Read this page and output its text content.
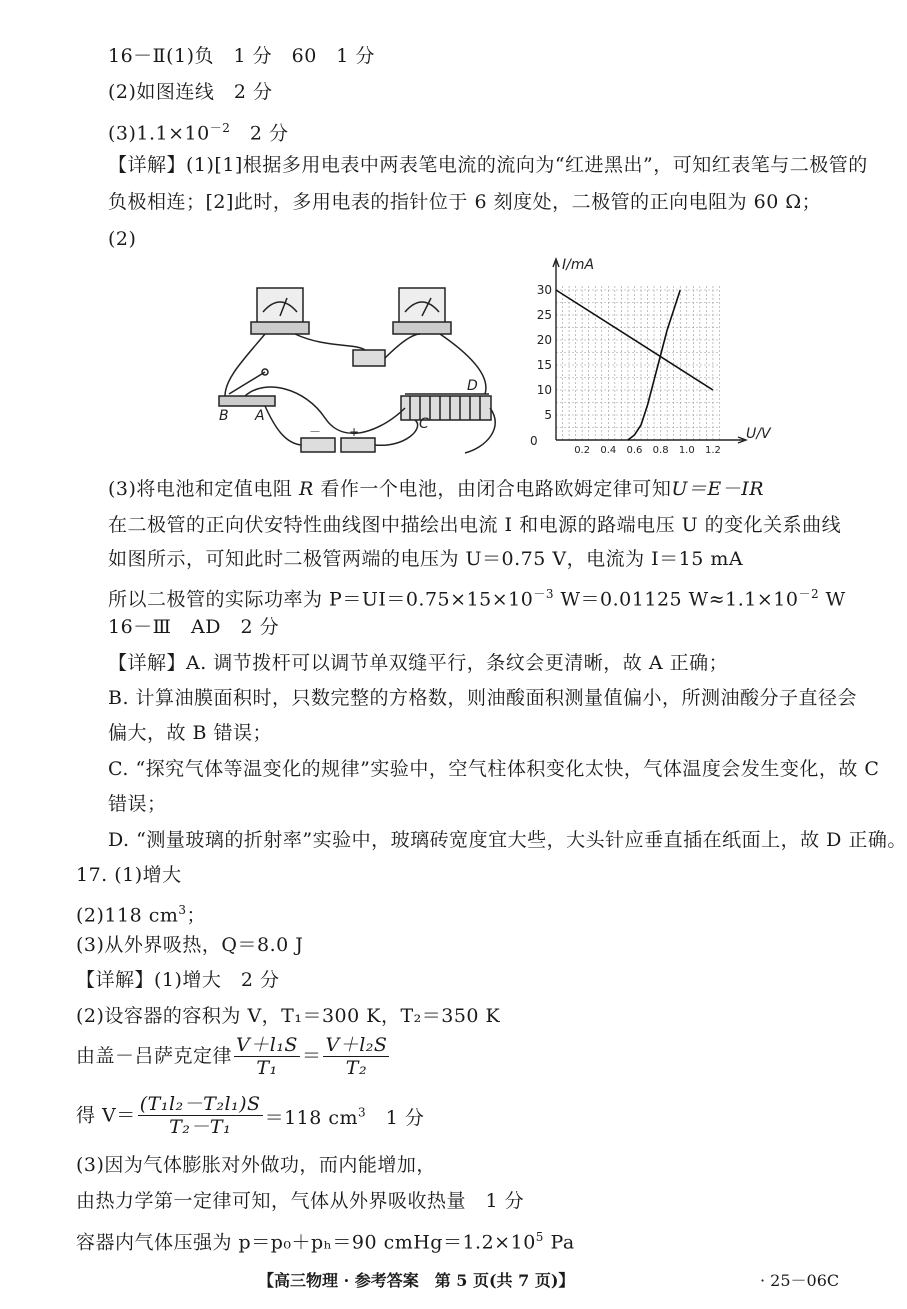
16－Ⅱ(1)负　1 分　60　1 分
(2)如图连线　2 分
$(3)1.1\times 10^{-2}$　2 分
【详解】(1)[1]根据多用电表中两表笔电流的流向为“红进黑出”，可知红表笔与二极管的
负极相连；[2]此时，多用电表的指针位于 6 刻度处，二极管的正向电阻为 60 Ω；
(2)
B A	C
D
－ +
I/mA
U/V
0
5
10
15
20
25
30
0.2 0.4 0.6 0.8 1.0 1.2
(3)将电池和定值电阻 R 看作一个电池，由闭合电路欧姆定律可知U＝E－IR
在二极管的正向伏安特性曲线图中描绘出电流 I 和电源的路端电压 U 的变化关系曲线
如图所示，可知此时二极管两端的电压为 U＝0.75 V，电流为 I＝15 mA
所以二极管的实际功率为 $P=UI=0.75\times 15\times 10^{-3}$ W＝0.01125 $W\approx 1.1\times 10^{-2}$ W
16－Ⅲ　AD　2 分
【详解】A. 调节拨杆可以调节单双缝平行，条纹会更清晰，故 A 正确；
B. 计算油膜面积时，只数完整的方格数，则油酸面积测量值偏小，所测油酸分子直径会
偏大，故 B 错误；
C. “探究气体等温变化的规律”实验中，空气柱体积变化太快，气体温度会发生变化，故 C
错误；
D. “测量玻璃的折射率”实验中，玻璃砖宽度宜大些，大头针应垂直插在纸面上，故 D 正确。
17. (1)增大
(2)118 $cm^3$；
(3)从外界吸热，Q＝8.0 J
【详解】(1)增大　2 分
(2)设容器的容积为 V，T₁＝300 K，T₂＝350 K
由盖－吕萨克定律 $\frac{\text{V＋l₁S}}{\text{T₁}} = \frac{\text{V＋l₂S}}{\text{T₂}}$
得 $V= \frac{\text{(T₁l₂－T₂l₁)S}}{\text{T₂－T₁}} =118$ $cm^3$　1 分
(3)因为气体膨胀对外做功，而内能增加，
由热力学第一定律可知，气体从外界吸收热量　1 分
容器内气体压强为 p＝p₀＋pₕ＝90 $cmHg=1.2\times 10^5$ Pa
【高三物理 · 参考答案　第 5 页(共 7 页)】	· 25－06C
